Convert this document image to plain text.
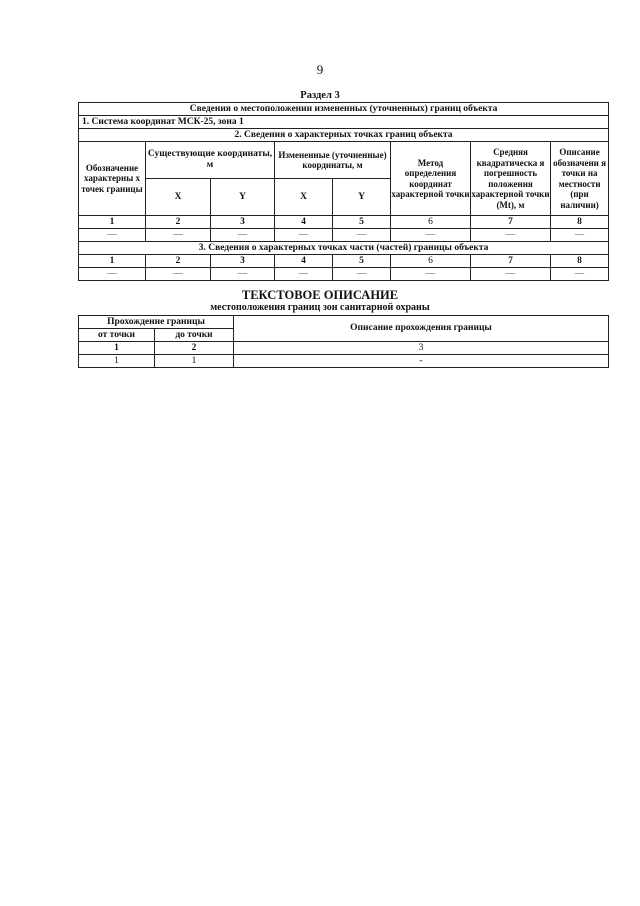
9
Раздел 3
Сведения о местоположении измененных (уточненных) границ объекта							
1. Система координат МСК-25, зона 1							
2. Сведения о характерных точках границ объекта							
Обозначение характерны х точек границы	Существующие координаты, м		Измененные (уточненные) координаты, м		Метод определения координат характерной точки	Средняя квадратическа я погрешность положения характерной точки (Mt), м	Описание обозначени я точки на местности (при наличии)
	X	Y	X	Y			
1	2	3	4	5	6	7	8
—	—	—	—	—	—	—	—
3. Сведения о характерных точках части (частей) границы объекта							
1	2	3	4	5	6	7	8
—	—	—	—	—	—	—	—
ТЕКСТОВОЕ ОПИСАНИЕ
местоположения границ зон санитарной охраны
Прохождение границы		Описание прохождения границы
от точки	до точки	
1	2	3
1	1	-
